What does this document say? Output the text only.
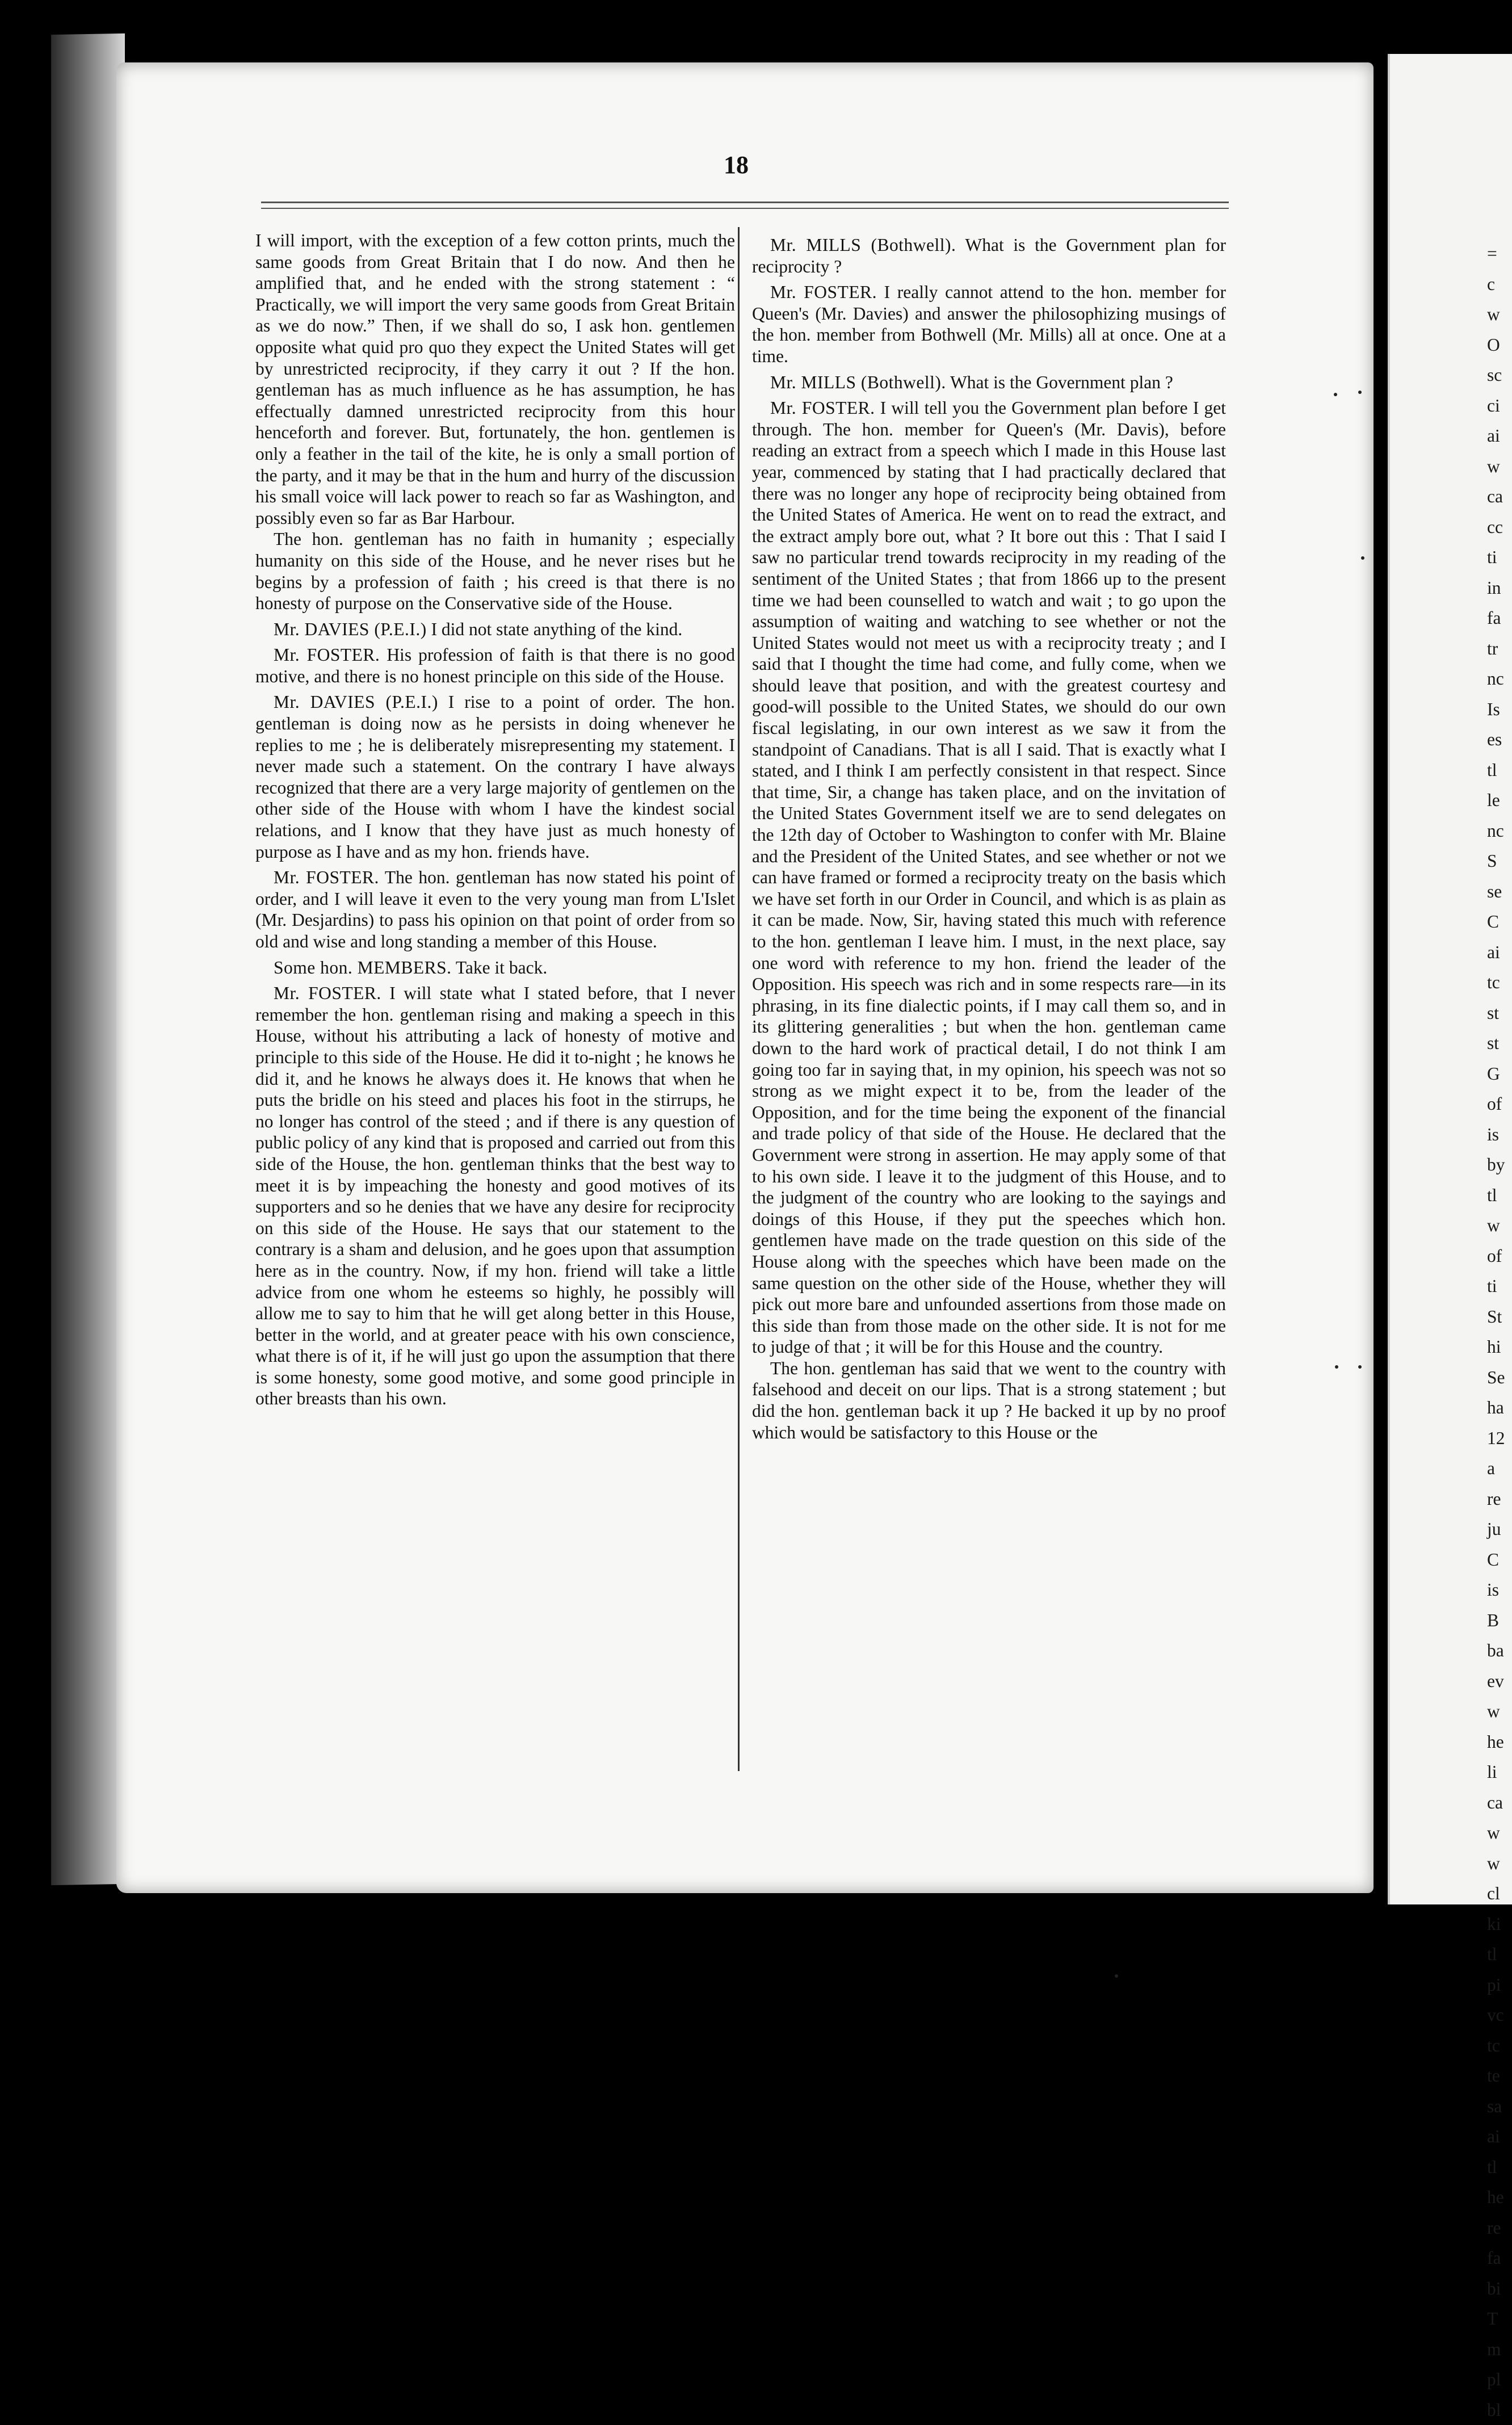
=
c
w
O
sc
ci
ai
w
ca
cc
ti
in
fa
tr
nc
Is
es
tl
le
nc
S
se
C
ai
tc
st
st
G
of
is
by
tl
w
of
ti
St
hi
Se
ha
12
a
re
ju
C
is
B
ba
ev
w
he
li
ca
w
w
cl
ki
tl
pi
vc
tc
te
sa
ai
tl
he
re
fa
bi
T
m
pl
bl
18

I will import, with the exception of a few cotton prints, much the same goods from Great Britain that I do now. And then he amplified that, and he ended with the strong statement : “ Practically, we will import the very same goods from Great Britain as we do now.” Then, if we shall do so, I ask hon. gentlemen opposite what quid pro quo they expect the United States will get by unrestricted reciprocity, if they carry it out ? If the hon. gentleman has as much influence as he has assumption, he has effectually damned unrestricted reciprocity from this hour henceforth and forever. But, fortunately, the hon. gentlemen is only a feather in the tail of the kite, he is only a small portion of the party, and it may be that in the hum and hurry of the discussion his small voice will lack power to reach so far as Washington, and possibly even so far as Bar Harbour.

The hon. gentleman has no faith in humanity ; especially humanity on this side of the House, and he never rises but he begins by a profession of faith ; his creed is that there is no honesty of purpose on the Conservative side of the House.

Mr. DAVIES (P.E.I.) I did not state anything of the kind.

Mr. FOSTER. His profession of faith is that there is no good motive, and there is no honest principle on this side of the House.

Mr. DAVIES (P.E.I.) I rise to a point of order. The hon. gentleman is doing now as he persists in doing whenever he replies to me ; he is deliberately misrepresenting my statement. I never made such a statement. On the contrary I have always recognized that there are a very large majority of gentlemen on the other side of the House with whom I have the kindest social relations, and I know that they have just as much honesty of purpose as I have and as my hon. friends have.

Mr. FOSTER. The hon. gentleman has now stated his point of order, and I will leave it even to the very young man from L'Islet (Mr. Desjardins) to pass his opinion on that point of order from so old and wise and long standing a member of this House.

Some hon. MEMBERS. Take it back.

Mr. FOSTER. I will state what I stated before, that I never remember the hon. gentleman rising and making a speech in this House, without his attributing a lack of honesty of motive and principle to this side of the House. He did it to-night ; he knows he did it, and he knows he always does it. He knows that when he puts the bridle on his steed and places his foot in the stirrups, he no longer has control of the steed ; and if there is any question of public policy of any kind that is proposed and carried out from this side of the House, the hon. gentleman thinks that the best way to meet it is by impeaching the honesty and good motives of its supporters and so he denies that we have any desire for reciprocity on this side of the House. He says that our statement to the contrary is a sham and delusion, and he goes upon that assumption here as in the country. Now, if my hon. friend will take a little advice from one whom he esteems so highly, he possibly will allow me to say to him that he will get along better in this House, better in the world, and at greater peace with his own conscience, what there is of it, if he will just go upon the assumption that there is some honesty, some good motive, and some good principle in other breasts than his own.

Mr. MILLS (Bothwell). What is the Government plan for reciprocity ?

Mr. FOSTER. I really cannot attend to the hon. member for Queen's (Mr. Davies) and answer the philosophizing musings of the hon. member from Bothwell (Mr. Mills) all at once. One at a time.

Mr. MILLS (Bothwell). What is the Government plan ?

Mr. FOSTER. I will tell you the Government plan before I get through. The hon. member for Queen's (Mr. Davis), before reading an extract from a speech which I made in this House last year, commenced by stating that I had practically declared that there was no longer any hope of reciprocity being obtained from the United States of America. He went on to read the extract, and the extract amply bore out, what ? It bore out this : That I said I saw no particular trend towards reciprocity in my reading of the sentiment of the United States ; that from 1866 up to the present time we had been counselled to watch and wait ; to go upon the assumption of waiting and watching to see whether or not the United States would not meet us with a reciprocity treaty ; and I said that I thought the time had come, and fully come, when we should leave that position, and with the greatest courtesy and good-will possible to the United States, we should do our own fiscal legislating, in our own interest as we saw it from the standpoint of Canadians. That is all I said. That is exactly what I stated, and I think I am perfectly consistent in that respect. Since that time, Sir, a change has taken place, and on the invitation of the United States Government itself we are to send delegates on the 12th day of October to Washington to confer with Mr. Blaine and the President of the United States, and see whether or not we can have framed or formed a reciprocity treaty on the basis which we have set forth in our Order in Council, and which is as plain as it can be made. Now, Sir, having stated this much with reference to the hon. gentleman I leave him. I must, in the next place, say one word with reference to my hon. friend the leader of the Opposition. His speech was rich and in some respects rare—in its phrasing, in its fine dialectic points, if I may call them so, and in its glittering generalities ; but when the hon. gentleman came down to the hard work of practical detail, I do not think I am going too far in saying that, in my opinion, his speech was not so strong as we might expect it to be, from the leader of the Opposition, and for the time being the exponent of the financial and trade policy of that side of the House. He declared that the Government were strong in assertion. He may apply some of that to his own side. I leave it to the judgment of this House, and to the judgment of the country who are looking to the sayings and doings of this House, if they put the speeches which hon. gentlemen have made on the trade question on this side of the House along with the speeches which have been made on the same question on the other side of the House, whether they will pick out more bare and unfounded assertions from those made on this side than from those made on the other side. It is not for me to judge of that ; it will be for this House and the country.

The hon. gentleman has said that we went to the country with falsehood and deceit on our lips. That is a strong statement ; but did the hon. gentleman back it up ? He backed it up by no proof which would be satisfactory to this House or the
